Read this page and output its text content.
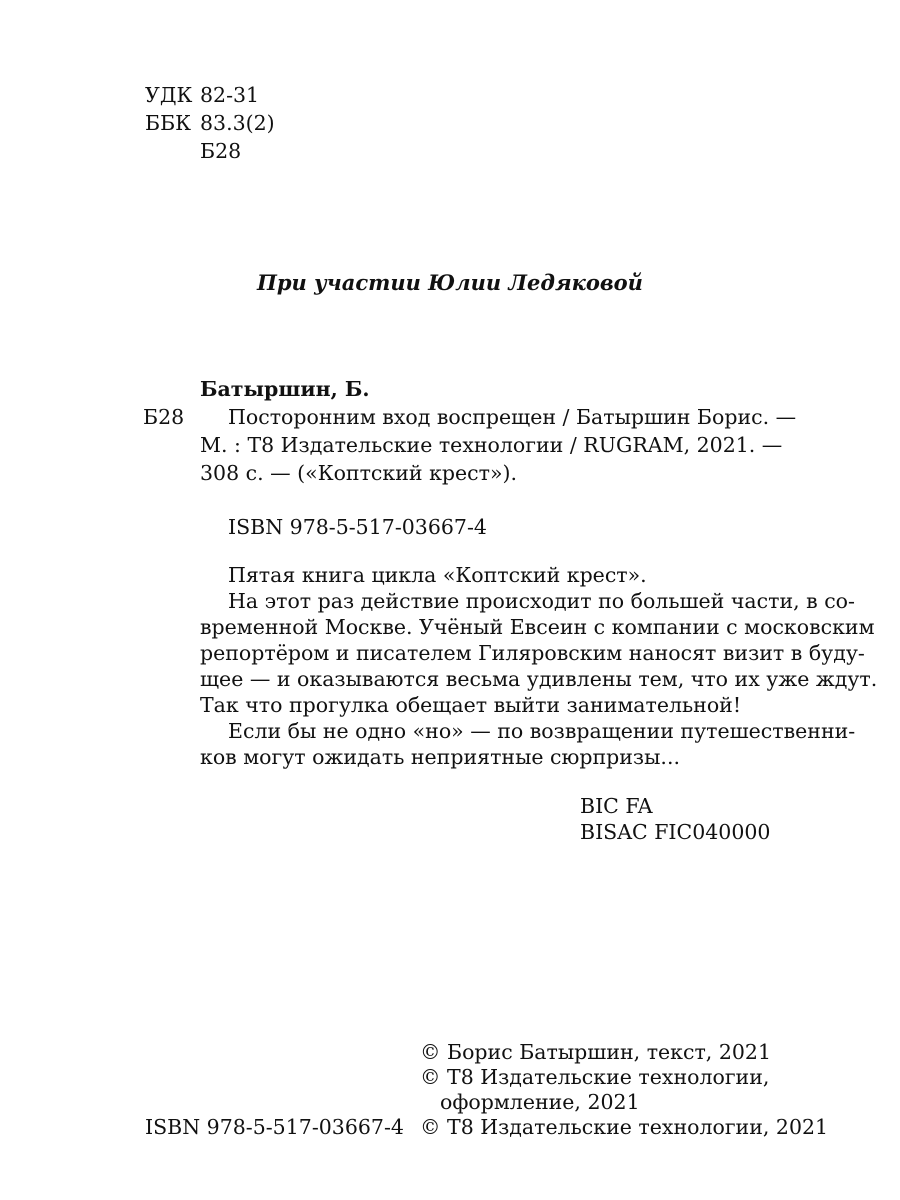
УДК 82-31
ББК 83.3(2)
Б28
При участии Юлии Ледяковой
Батыршин, Б.
Б28 Посторонним вход воспрещен / Батыршин Борис. —
М. : Т8 Издательские технологии / RUGRAM, 2021. —
308 с. — («Коптский крест»).
ISBN 978-5-517-03667-4
Пятая книга цикла «Коптский крест».
На этот раз действие происходит по большей части, в со-
временной Москве. Учёный Евсеин с компании с московским
репортёром и писателем Гиляровским наносят визит в буду-
щее — и оказываются весьма удивлены тем, что их уже ждут.
Так что прогулка обещает выйти занимательной!
Если бы не одно «но» — по возвращении путешественни-
ков могут ожидать неприятные сюрпризы...
BIC FA
BISAC FIC040000
© Борис Батыршин, текст, 2021
© Т8 Издательские технологии,
оформление, 2021
© Т8 Издательские технологии, 2021
ISBN 978-5-517-03667-4
